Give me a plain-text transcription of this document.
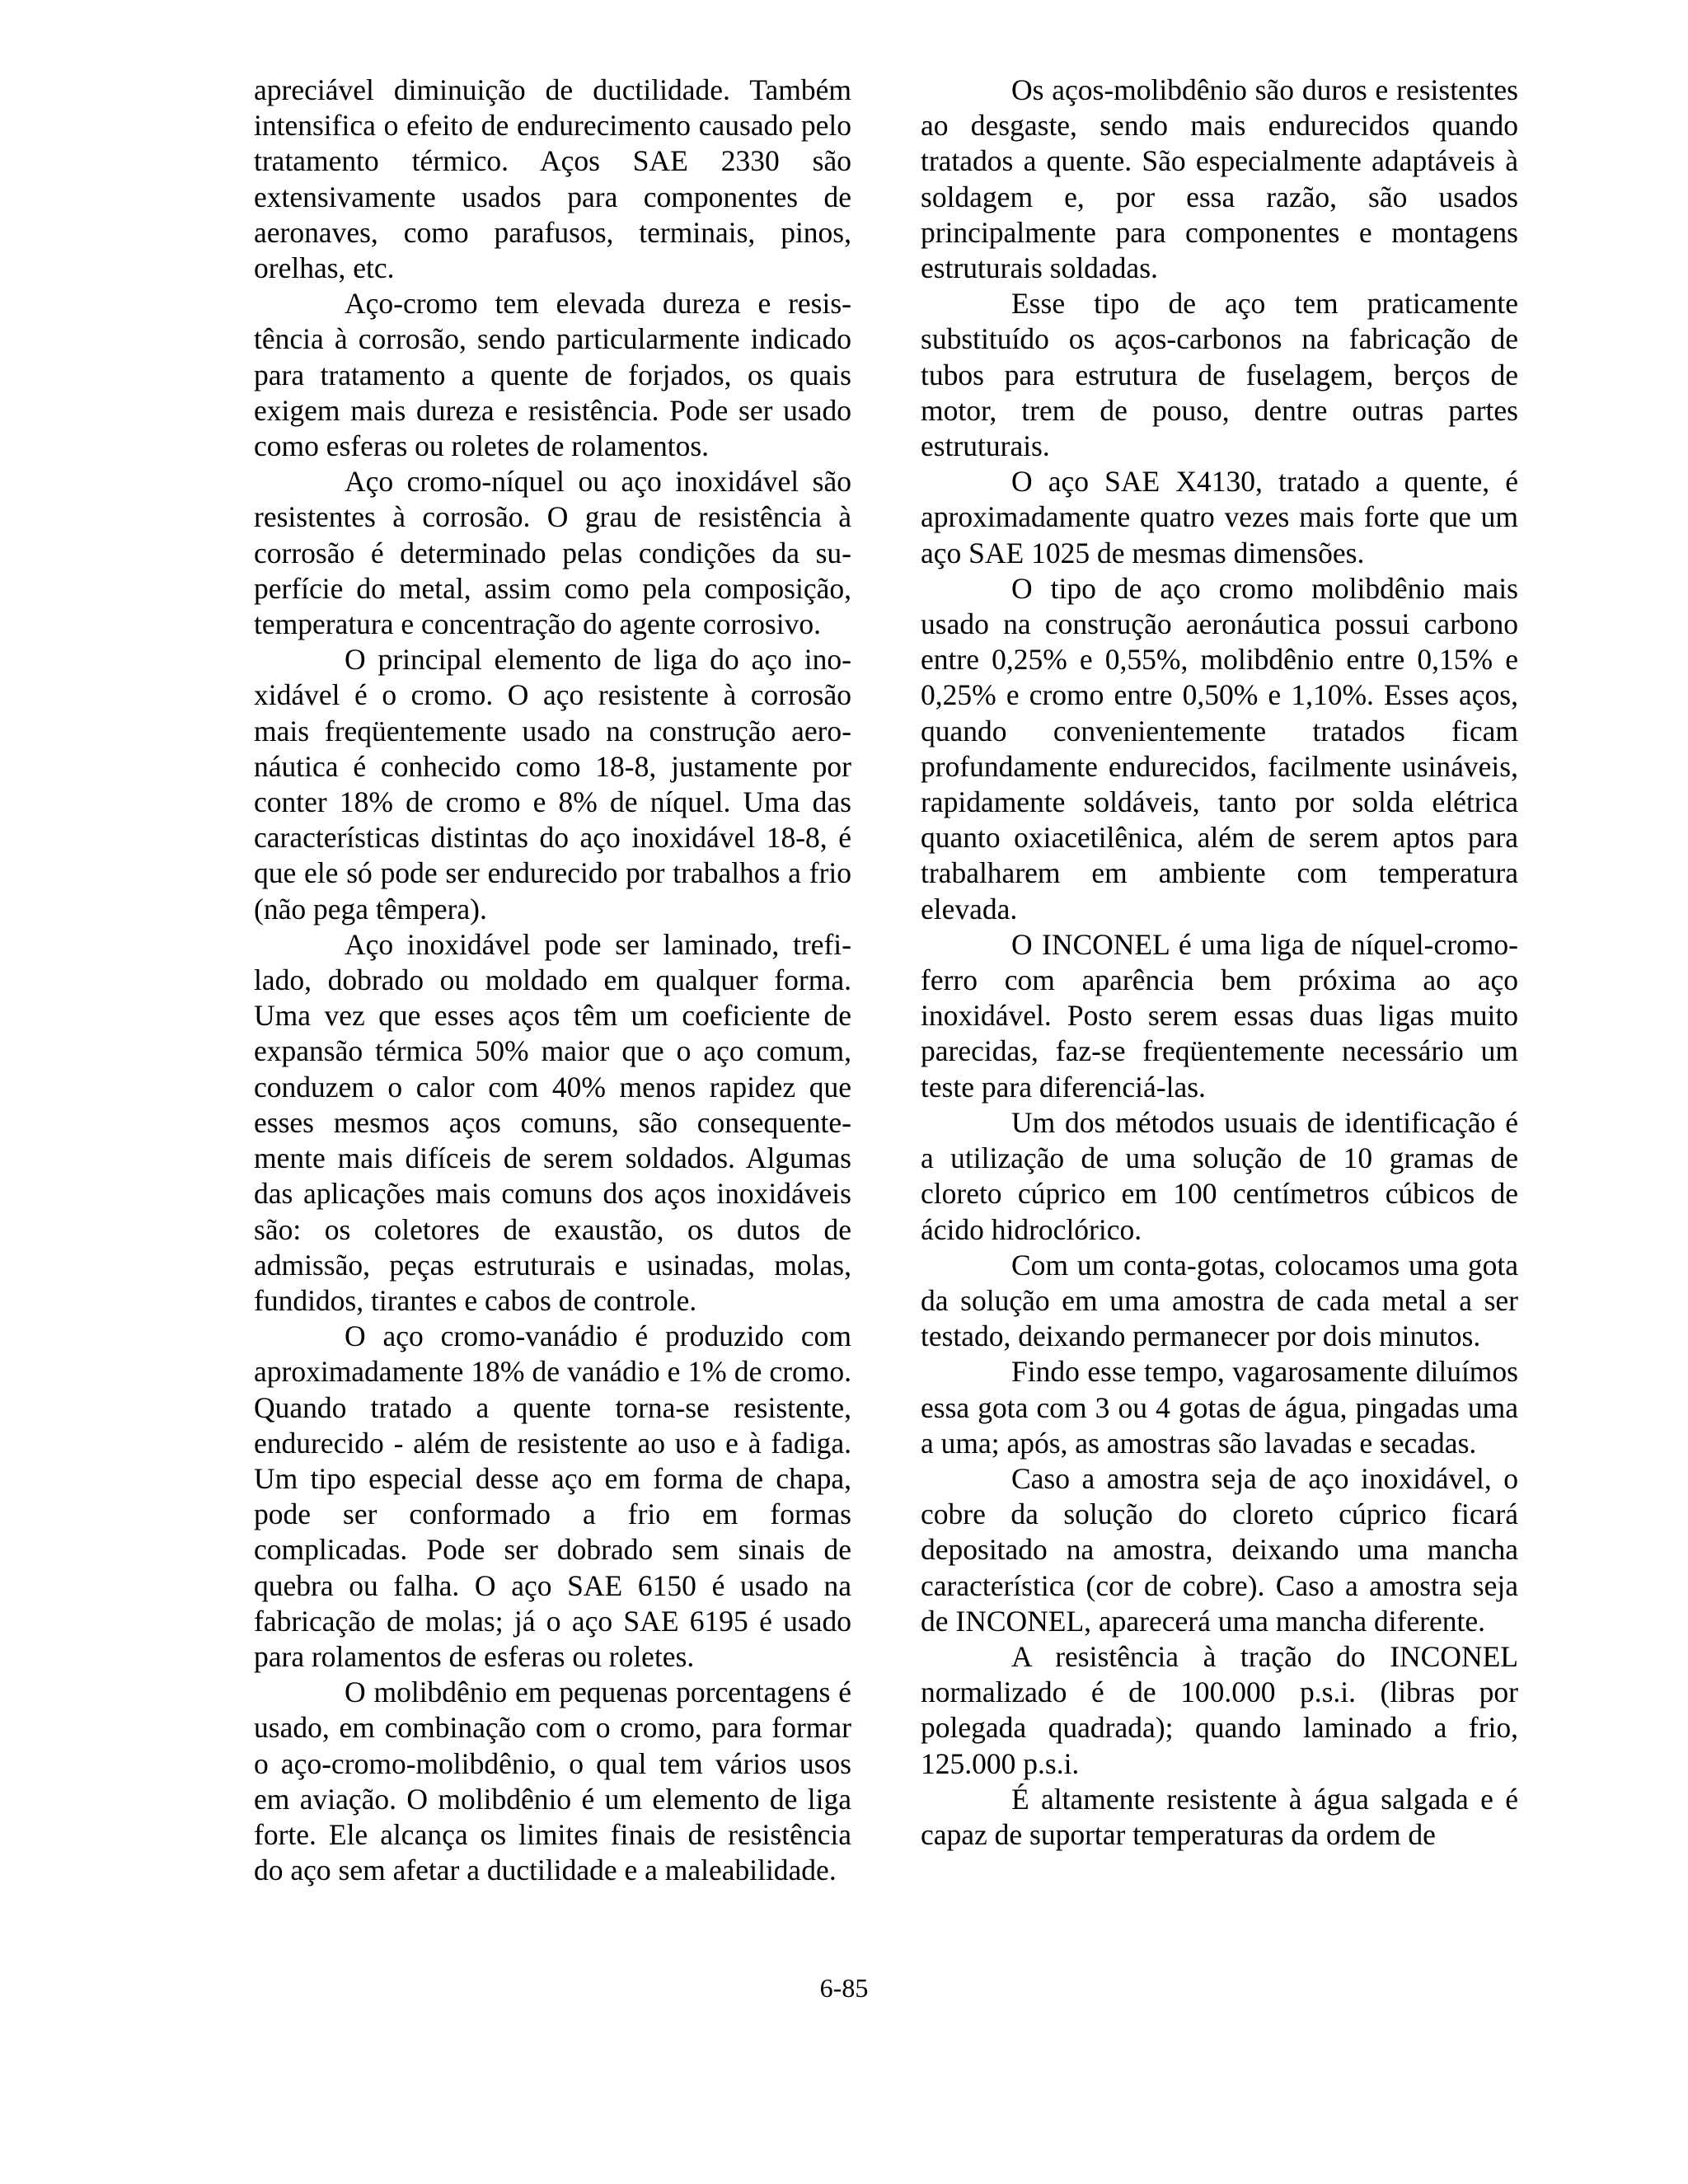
apreciável diminuição de ductilidade. Também intensifica o efeito de endurecimento causado pelo tratamento térmico. Aços SAE 2330 são extensivamente usados para componentes de aeronaves, como parafusos, terminais, pinos, orelhas, etc.

Aço-cromo tem elevada dureza e resistência à corrosão, sendo particularmente indicado para tratamento a quente de forjados, os quais exigem mais dureza e resistência. Pode ser usado como esferas ou roletes de rolamentos.

Aço cromo-níquel ou aço inoxidável são resistentes à corrosão. O grau de resistência à corrosão é determinado pelas condições da superfície do metal, assim como pela composição, temperatura e concentração do agente corrosivo.

O principal elemento de liga do aço inoxidável é o cromo. O aço resistente à corrosão mais freqüentemente usado na construção aeronáutica é conhecido como 18-8, justamente por conter 18% de cromo e 8% de níquel. Uma das características distintas do aço inoxidável 18-8, é que ele só pode ser endurecido por trabalhos a frio (não pega têmpera).

Aço inoxidável pode ser laminado, trefilado, dobrado ou moldado em qualquer forma. Uma vez que esses aços têm um coeficiente de expansão térmica 50% maior que o aço comum, conduzem o calor com 40% menos rapidez que esses mesmos aços comuns, são consequentemente mais difíceis de serem soldados. Algumas das aplicações mais comuns dos aços inoxidáveis são: os coletores de exaustão, os dutos de admissão, peças estruturais e usinadas, molas, fundidos, tirantes e cabos de controle.

O aço cromo-vanádio é produzido com aproximadamente 18% de vanádio e 1% de cromo. Quando tratado a quente torna-se resistente, endurecido - além de resistente ao uso e à fadiga. Um tipo especial desse aço em forma de chapa, pode ser conformado a frio em formas complicadas. Pode ser dobrado sem sinais de quebra ou falha. O aço SAE 6150 é usado na fabricação de molas; já o aço SAE 6195 é usado para rolamentos de esferas ou roletes.

O molibdênio em pequenas porcentagens é usado, em combinação com o cromo, para formar o aço-cromo-molibdênio, o qual tem vários usos em aviação. O molibdênio é um elemento de liga forte. Ele alcança os limites finais de resistência do aço sem afetar a ductilidade e a maleabilidade.

Os aços-molibdênio são duros e resistentes ao desgaste, sendo mais endurecidos quando tratados a quente. São especialmente adaptáveis à soldagem e, por essa razão, são usados principalmente para componentes e montagens estruturais soldadas.

Esse tipo de aço tem praticamente substituído os aços-carbonos na fabricação de tubos para estrutura de fuselagem, berços de motor, trem de pouso, dentre outras partes estruturais.

O aço SAE X4130, tratado a quente, é aproximadamente quatro vezes mais forte que um aço SAE 1025 de mesmas dimensões.

O tipo de aço cromo molibdênio mais usado na construção aeronáutica possui carbono entre 0,25% e 0,55%, molibdênio entre 0,15% e 0,25% e cromo entre 0,50% e 1,10%. Esses aços, quando convenientemente tratados ficam profundamente endurecidos, facilmente usináveis, rapidamente soldáveis, tanto por solda elétrica quanto oxiacetilênica, além de serem aptos para trabalharem em ambiente com temperatura elevada.

O INCONEL é uma liga de níquel-cromo-ferro com aparência bem próxima ao aço inoxidável. Posto serem essas duas ligas muito parecidas, faz-se freqüentemente necessário um teste para diferenciá-las.

Um dos métodos usuais de identificação é a utilização de uma solução de 10 gramas de cloreto cúprico em 100 centímetros cúbicos de ácido hidroclórico.

Com um conta-gotas, colocamos uma gota da solução em uma amostra de cada metal a ser testado, deixando permanecer por dois minutos.

Findo esse tempo, vagarosamente diluímos essa gota com 3 ou 4 gotas de água, pingadas uma a uma; após, as amostras são lavadas e secadas.

Caso a amostra seja de aço inoxidável, o cobre da solução do cloreto cúprico ficará depositado na amostra, deixando uma mancha característica (cor de cobre). Caso a amostra seja de INCONEL, aparecerá uma mancha diferente.

A resistência à tração do INCONEL normalizado é de 100.000 p.s.i. (libras por polegada quadrada); quando laminado a frio, 125.000 p.s.i.

É altamente resistente à água salgada e é capaz de suportar temperaturas da ordem de

6-85
